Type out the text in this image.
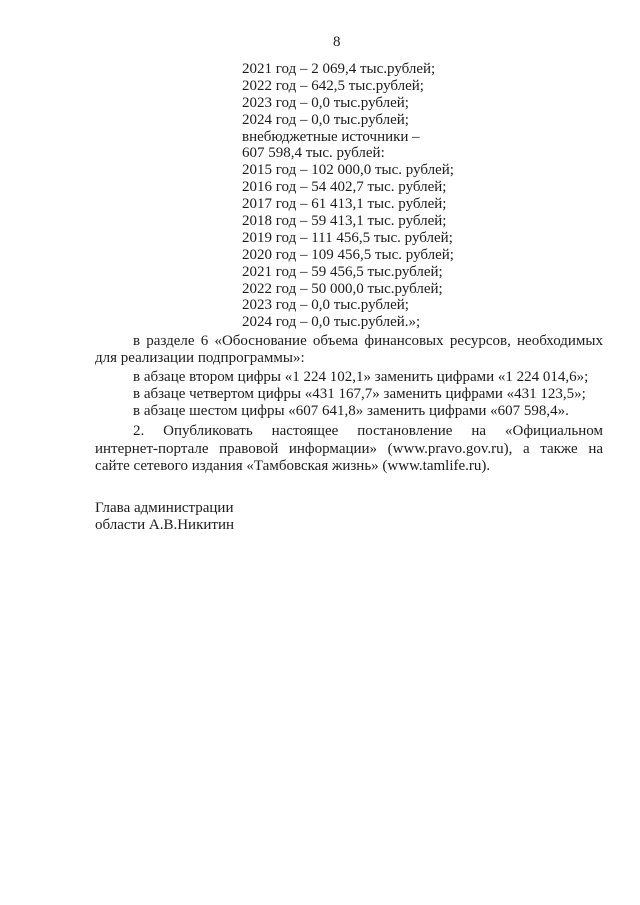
8
2021 год – 2 069,4 тыс.рублей;
2022 год – 642,5 тыс.рублей;
2023 год – 0,0 тыс.рублей;
2024 год – 0,0 тыс.рублей;
внебюджетные источники –
607 598,4 тыс. рублей:
2015 год – 102 000,0 тыс. рублей;
2016 год – 54 402,7 тыс. рублей;
2017 год – 61 413,1 тыс. рублей;
2018 год – 59 413,1 тыс. рублей;
2019 год – 111 456,5 тыс. рублей;
2020 год – 109 456,5 тыс. рублей;
2021 год – 59 456,5 тыс.рублей;
2022 год – 50 000,0 тыс.рублей;
2023 год – 0,0 тыс.рублей;
2024 год – 0,0 тыс.рублей.»;
в разделе 6 «Обоснование объема финансовых ресурсов, необходимых
для реализации подпрограммы»:
в абзаце втором цифры «1 224 102,1» заменить цифрами «1 224 014,6»;
в абзаце четвертом цифры «431 167,7» заменить цифрами «431 123,5»;
в абзаце шестом цифры «607 641,8» заменить цифрами «607 598,4».
2. Опубликовать настоящее постановление на «Официальном
интернет-портале правовой информации» (www.pravo.gov.ru), а также на
сайте сетевого издания «Тамбовская жизнь» (www.tamlife.ru).
Глава администрации
области А.В.Никитин
